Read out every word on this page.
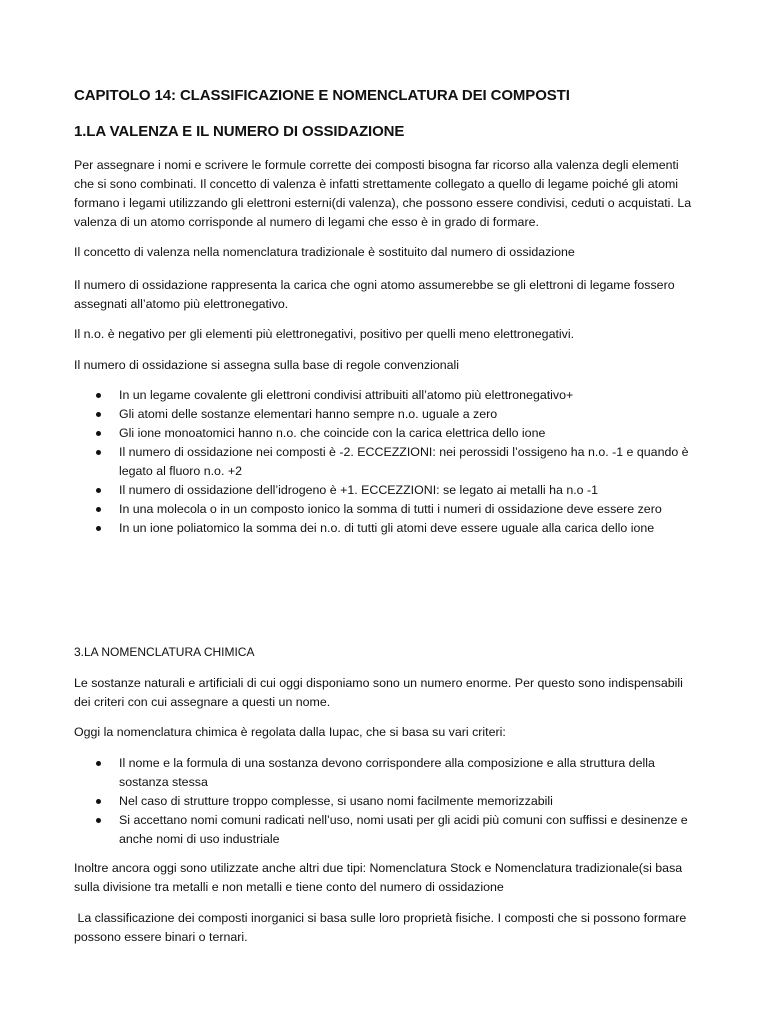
CAPITOLO 14: CLASSIFICAZIONE E NOMENCLATURA DEI COMPOSTI
1.LA VALENZA E IL NUMERO DI OSSIDAZIONE

Per assegnare i nomi e scrivere le formule corrette dei composti bisogna far ricorso alla valenza degli elementi che si sono combinati. Il concetto di valenza è infatti strettamente collegato a quello di legame poiché gli atomi formano i legami utilizzando gli elettroni esterni(di valenza), che possono essere condivisi, ceduti o acquistati. La valenza di un atomo corrisponde al numero di legami che esso è in grado di formare.

Il concetto di valenza nella nomenclatura tradizionale è sostituito dal numero di ossidazione

Il numero di ossidazione rappresenta la carica che ogni atomo assumerebbe se gli elettroni di legame fossero assegnati all’atomo più elettronegativo.

Il n.o. è negativo per gli elementi più elettronegativi, positivo per quelli meno elettronegativi.

Il numero di ossidazione si assegna sulla base di regole convenzionali

In un legame covalente gli elettroni condivisi attribuiti all’atomo più elettronegativo+
Gli atomi delle sostanze elementari hanno sempre n.o. uguale a zero
Gli ione monoatomici hanno n.o. che coincide con la carica elettrica dello ione
Il numero di ossidazione nei composti è -2. ECCEZZIONI: nei perossidi l’ossigeno ha n.o. -1 e quando è legato al fluoro n.o. +2
Il numero di ossidazione dell’idrogeno è +1. ECCEZZIONI: se legato ai metalli ha n.o -1
In una molecola o in un composto ionico la somma di tutti i numeri di ossidazione deve essere zero
In un ione poliatomico la somma dei n.o. di tutti gli atomi deve essere uguale alla carica dello ione
3.LA NOMENCLATURA CHIMICA

Le sostanze naturali e artificiali di cui oggi disponiamo sono un numero enorme. Per questo sono indispensabili dei criteri con cui assegnare a questi un nome.

Oggi la nomenclatura chimica è regolata dalla Iupac, che si basa su vari criteri:

Il nome e la formula di una sostanza devono corrispondere alla composizione e alla struttura della sostanza stessa
Nel caso di strutture troppo complesse, si usano nomi facilmente memorizzabili
Si accettano nomi comuni radicati nell’uso, nomi usati per gli acidi più comuni con suffissi e desinenze e anche nomi di uso industriale

Inoltre ancora oggi sono utilizzate anche altri due tipi: Nomenclatura Stock e Nomenclatura tradizionale(si basa sulla divisione tra metalli e non metalli e tiene conto del numero di ossidazione

La classificazione dei composti inorganici si basa sulle loro proprietà fisiche. I composti che si possono formare possono essere binari o ternari.
